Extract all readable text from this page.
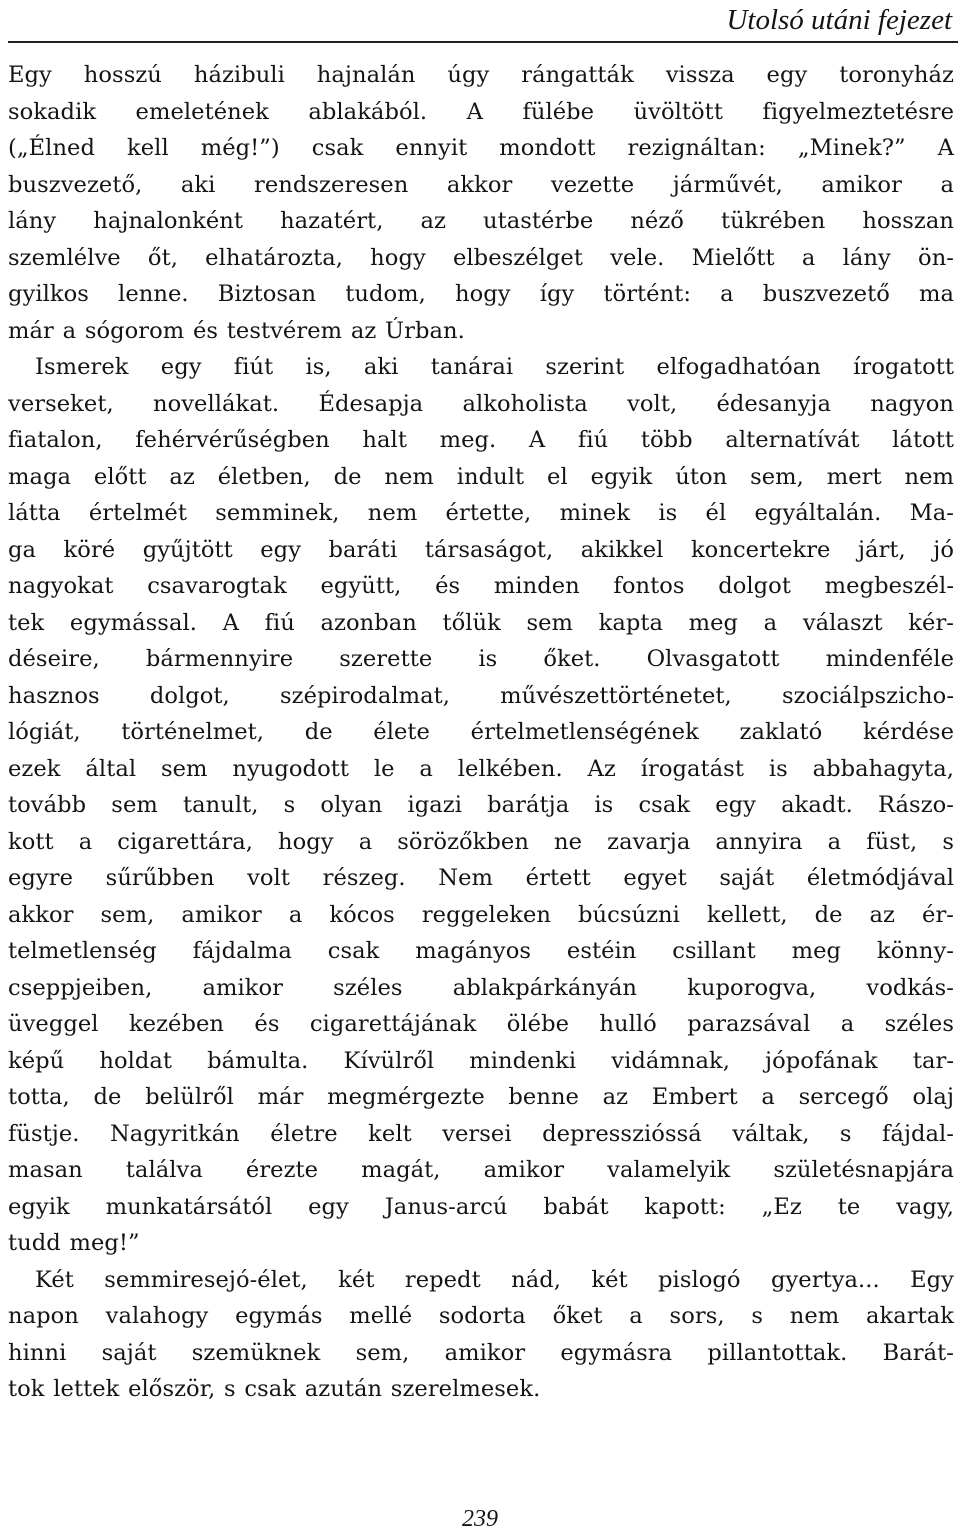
Utolsó utáni fejezet

Egy hosszú házibuli hajnalán úgy rángatták vissza egy toronyház
sokadik emeletének ablakából. A fülébe üvöltött figyelmeztetésre
(„Élned kell még!”) csak ennyit mondott rezignáltan: „Minek?” A
buszvezető, aki rendszeresen akkor vezette járművét, amikor a
lány hajnalonként hazatért, az utastérbe néző tükrében hosszan
szemlélve őt, elhatározta, hogy elbeszélget vele. Mielőtt a lány ön-
gyilkos lenne. Biztosan tudom, hogy így történt: a buszvezető ma
már a sógorom és testvérem az Úrban.

Ismerek egy fiút is, aki tanárai szerint elfogadhatóan írogatott
verseket, novellákat. Édesapja alkoholista volt, édesanyja nagyon
fiatalon, fehérvérűségben halt meg. A fiú több alternatívát látott
maga előtt az életben, de nem indult el egyik úton sem, mert nem
látta értelmét semminek, nem értette, minek is él egyáltalán. Ma-
ga köré gyűjtött egy baráti társaságot, akikkel koncertekre járt, jó
nagyokat csavarogtak együtt, és minden fontos dolgot megbeszél-
tek egymással. A fiú azonban tőlük sem kapta meg a választ kér-
déseire, bármennyire szerette is őket. Olvasgatott mindenféle
hasznos dolgot, szépirodalmat, művészettörténetet, szociálpszicho-
lógiát, történelmet, de élete értelmetlenségének zaklató kérdése
ezek által sem nyugodott le a lelkében. Az írogatást is abbahagyta,
tovább sem tanult, s olyan igazi barátja is csak egy akadt. Rászo-
kott a cigarettára, hogy a sörözőkben ne zavarja annyira a füst, s
egyre sűrűbben volt részeg. Nem értett egyet saját életmódjával
akkor sem, amikor a kócos reggeleken búcsúzni kellett, de az ér-
telmetlenség fájdalma csak magányos estéin csillant meg könny-
cseppjeiben, amikor széles ablakpárkányán kuporogva, vodkás-
üveggel kezében és cigarettájának ölébe hulló parazsával a széles
képű holdat bámulta. Kívülről mindenki vidámnak, jópofának tar-
totta, de belülről már megmérgezte benne az Embert a sercegő olaj
füstje. Nagyritkán életre kelt versei depresszióssá váltak, s fájdal-
masan találva érezte magát, amikor valamelyik születésnapjára
egyik munkatársától egy Janus-arcú babát kapott: „Ez te vagy,
tudd meg!”

Két semmiresejó-élet, két repedt nád, két pislogó gyertya... Egy
napon valahogy egymás mellé sodorta őket a sors, s nem akartak
hinni saját szemüknek sem, amikor egymásra pillantottak. Barát-
tok lettek először, s csak azután szerelmesek.

239
